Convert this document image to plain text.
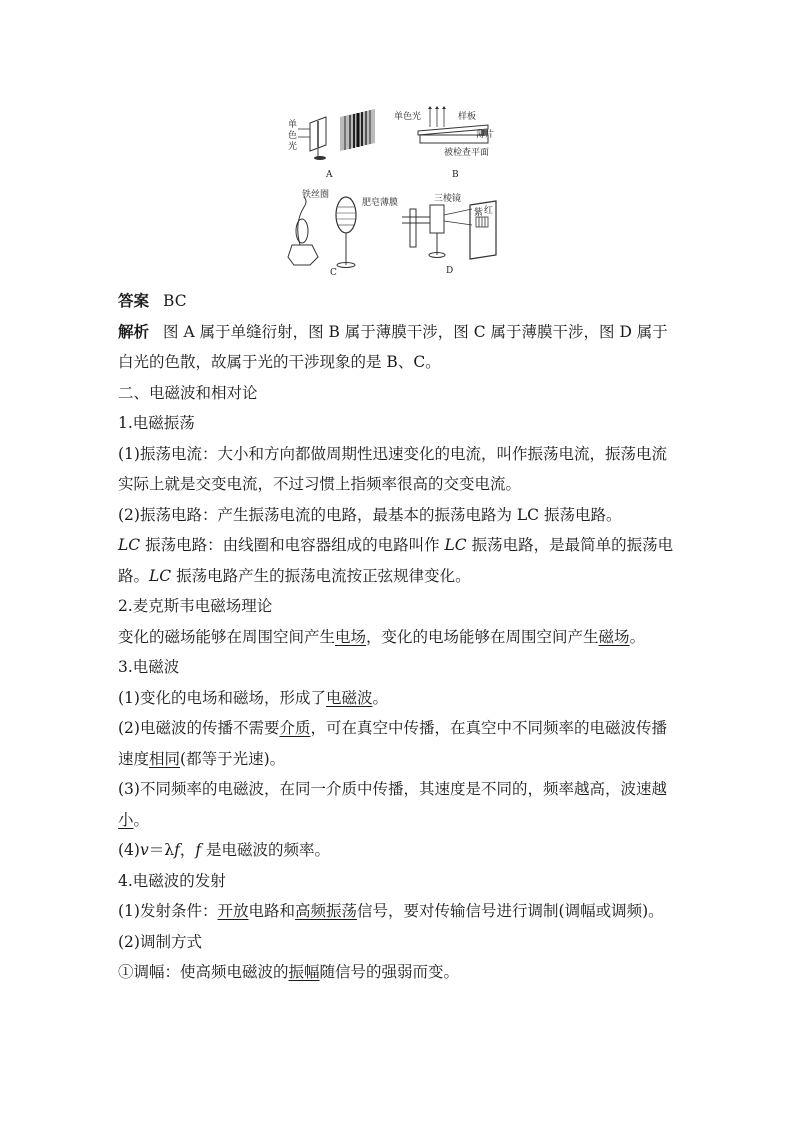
单
色
光
A
单色光	样板
薄片
被检查平面
B
铁丝圈
肥皂薄膜
C
三棱镜
紫 红
D
答案 BC
解析 图 A 属于单缝衍射，图 B 属于薄膜干涉，图 C 属于薄膜干涉，图 D 属于
白光的色散，故属于光的干涉现象的是 B、C。
二、电磁波和相对论
1.电磁振荡
(1)振荡电流：大小和方向都做周期性迅速变化的电流，叫作振荡电流，振荡电流
实际上就是交变电流，不过习惯上指频率很高的交变电流。
(2)振荡电路：产生振荡电流的电路，最基本的振荡电路为 LC 振荡电路。
LC 振荡电路：由线圈和电容器组成的电路叫作 LC 振荡电路，是最简单的振荡电
路。LC 振荡电路产生的振荡电流按正弦规律变化。
2.麦克斯韦电磁场理论
变化的磁场能够在周围空间产生电场，变化的电场能够在周围空间产生磁场。
3.电磁波
(1)变化的电场和磁场，形成了电磁波。
(2)电磁波的传播不需要介质，可在真空中传播，在真空中不同频率的电磁波传播
速度相同(都等于光速)。
(3)不同频率的电磁波，在同一介质中传播，其速度是不同的，频率越高，波速越
小。
(4)v＝λf，f 是电磁波的频率。
4.电磁波的发射
(1)发射条件：开放电路和高频振荡信号，要对传输信号进行调制(调幅或调频)。
(2)调制方式
①调幅：使高频电磁波的振幅随信号的强弱而变。
